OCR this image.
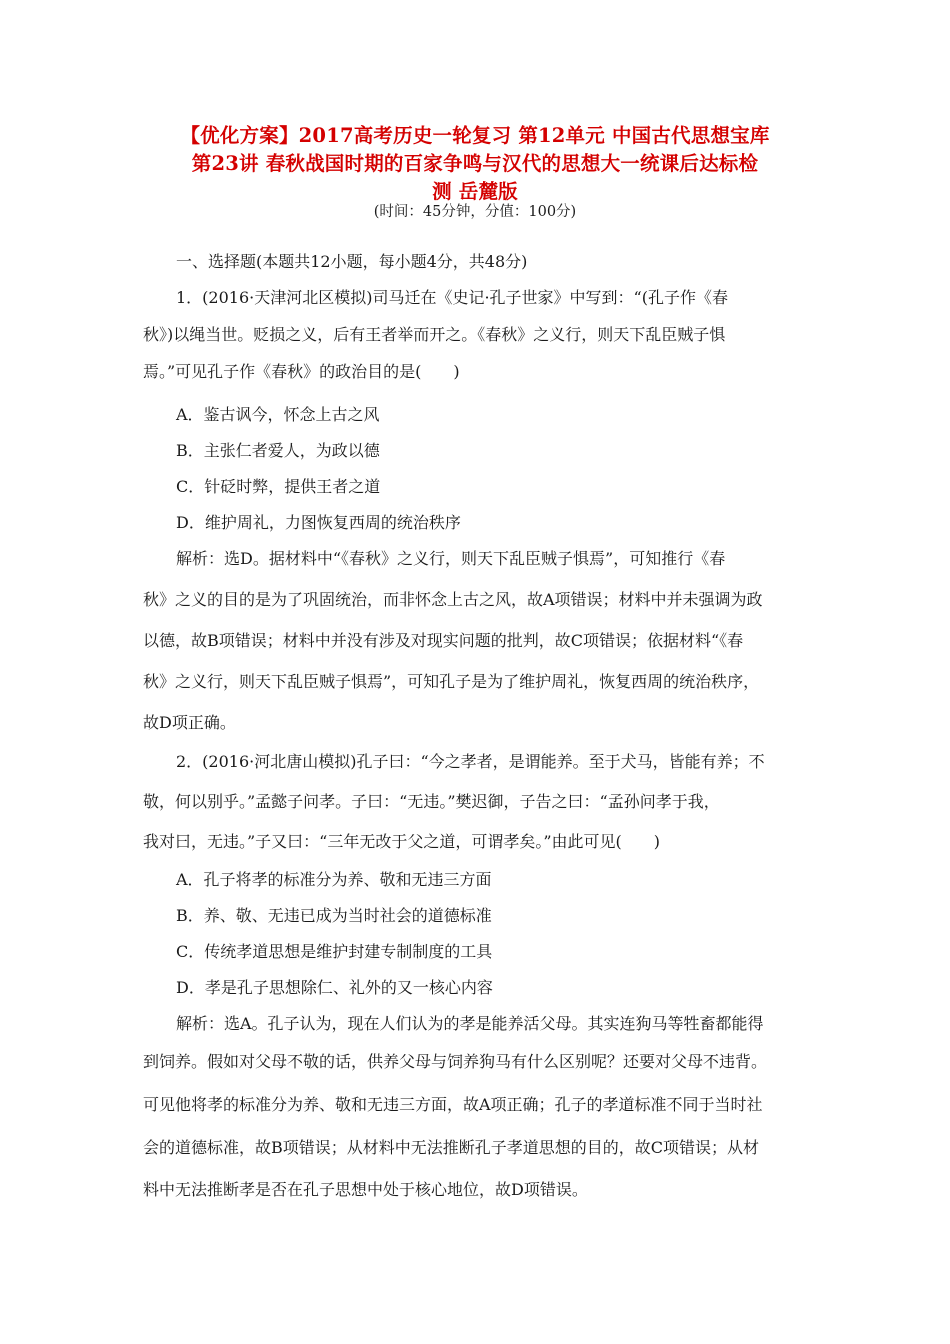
【优化方案】2017高考历史一轮复习 第12单元 中国古代思想宝库
第23讲 春秋战国时期的百家争鸣与汉代的思想大一统课后达标检
测 岳麓版
(时间：45分钟，分值：100分)
一、选择题(本题共12小题，每小题4分，共48分)
1．(2016·天津河北区模拟)司马迁在《史记·孔子世家》中写到：“(孔子作《春
秋》)以绳当世。贬损之义，后有王者举而开之。《春秋》之义行，则天下乱臣贼子惧
焉。”可见孔子作《春秋》的政治目的是(　　)
A．鉴古讽今，怀念上古之风
B．主张仁者爱人，为政以德
C．针砭时弊，提供王者之道
D．维护周礼，力图恢复西周的统治秩序
解析：选D。据材料中“《春秋》之义行，则天下乱臣贼子惧焉”，可知推行《春
秋》之义的目的是为了巩固统治，而非怀念上古之风，故A项错误；材料中并未强调为政
以德，故B项错误；材料中并没有涉及对现实问题的批判，故C项错误；依据材料“《春
秋》之义行，则天下乱臣贼子惧焉”，可知孔子是为了维护周礼，恢复西周的统治秩序，
故D项正确。
2．(2016·河北唐山模拟)孔子曰：“今之孝者，是谓能养。至于犬马，皆能有养；不
敬，何以别乎。”孟懿子问孝。子曰：“无违。”樊迟御，子告之曰：“孟孙问孝于我，
我对曰，无违。”子又曰：“三年无改于父之道，可谓孝矣。”由此可见(　　)
A．孔子将孝的标准分为养、敬和无违三方面
B．养、敬、无违已成为当时社会的道德标准
C．传统孝道思想是维护封建专制制度的工具
D．孝是孔子思想除仁、礼外的又一核心内容
解析：选A。孔子认为，现在人们认为的孝是能养活父母。其实连狗马等牲畜都能得
到饲养。假如对父母不敬的话，供养父母与饲养狗马有什么区别呢？还要对父母不违背。
可见他将孝的标准分为养、敬和无违三方面，故A项正确；孔子的孝道标准不同于当时社
会的道德标准，故B项错误；从材料中无法推断孔子孝道思想的目的，故C项错误；从材
料中无法推断孝是否在孔子思想中处于核心地位，故D项错误。
